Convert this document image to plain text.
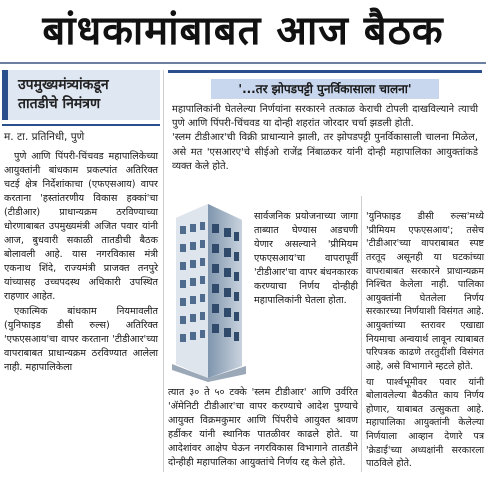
बांधकामांबाबत आज बैठक
उपमुख्यमंत्र्यांकडून
तातडीचे निमंत्रण
म. टा. प्रतिनिधी, पुणे

पुणे आणि पिंपरी-चिंचवड महापालिकेच्या आयुक्तांनी बांधकाम प्रकल्पांत अतिरिक्त चटई क्षेत्र निर्देशांकाचा (एफएसआय) वापर करताना 'हस्तांतरणीय विकास हक्कां'चा (टीडीआर) प्राधान्यक्रम ठरविण्याच्या धोरणाबाबत उपमुख्यमंत्री अजित पवार यांनी आज, बुधवारी सकाळी तातडीची बैठक बोलावली आहे. यास नगरविकास मंत्री एकनाथ शिंदे, राज्यमंत्री प्राजक्त तनपुरे यांच्यासह उच्चपदस्थ अधिकारी उपस्थित राहणार आहेत.

एकात्मिक बांधकाम नियमावलीत (युनिफाइड डीसी रुल्स) अतिरिक्त 'एफएसआय'चा वापर करताना 'टीडीआर'च्या वापराबाबत प्राधान्यक्रम ठरविण्यात आलेला नाही. महापालिकेला

'...तर झोपडपट्टी पुनर्विकासाला चालना'

महापालिकांनी घेतलेल्या निर्णयांना सरकारने तत्काळ केराची टोपली दाखविल्याने त्याची पुणे आणि पिंपरी-चिंचवड या दोन्ही शहरांत जोरदार चर्चा झडली होती.

'स्लम टीडीआर'ची विक्री प्राधान्याने झाली, तर झोपडपट्टी पुनर्विकासाली चालना मिळेल, असे मत 'एसआरए'चे सीईओ राजेंद्र निंबाळकर यांनी दोन्ही महापालिका आयुक्तांकडे व्यक्त केले होते.

सार्वजनिक प्रयोजनाच्या जागा ताब्यात घेण्यास अडचणी येणार असल्याने 'प्रीमियम एफएसआय'चा वापरापूर्वी 'टीडीआर'चा वापर बंधनकारक करण्याचा निर्णय दोन्हीही महापालिकांनी घेतला होता.

त्यात ३० ते ५० टक्के 'स्लम टीडीआर' आणि उर्वरित 'ॲमेनिटी टीडीआर'चा वापर करण्याचे आदेश पुण्याचे आयुक्त विक्रमकुमार आणि पिंपरीचे आयुक्त श्रावण हर्डीकर यांनी स्थानिक पातळीवर काढले होते. या आदेशांवर आक्षेप घेऊन नगरविकास विभागाने तातडीने दोन्हीही महापालिका आयुक्तांचे निर्णय रद्द केले होते.

'युनिफाइड डीसी रुल्स'मध्ये 'प्रीमियम एफएसआय'; तसेच 'टीडीआर'च्या वापराबाबत स्पष्ट तरतूद असूनही या घटकांच्या वापराबाबत सरकारने प्राधान्यक्रम निश्चित केलेला नाही. पालिका आयुक्तांनी घेतलेला निर्णय सरकारच्या निर्णयाशी विसंगत आहे. आयुक्तांच्या स्तरावर एखाद्या नियमाचा अन्वयार्थ लावून त्याबाबत परिपत्रक काढणे तरतुदींशी विसंगत आहे, असे विभागाने म्हटले होते.

या पार्श्वभूमीवर पवार यांनी बोलावलेल्या बैठकीत काय निर्णय होणार, याबाबत उत्सुकता आहे. महापालिका आयुक्तांनी केलेल्या निर्णयाला आव्हान देणारे पत्र 'क्रेडाई'च्या अध्यक्षांनी सरकारला पाठविले होते.
